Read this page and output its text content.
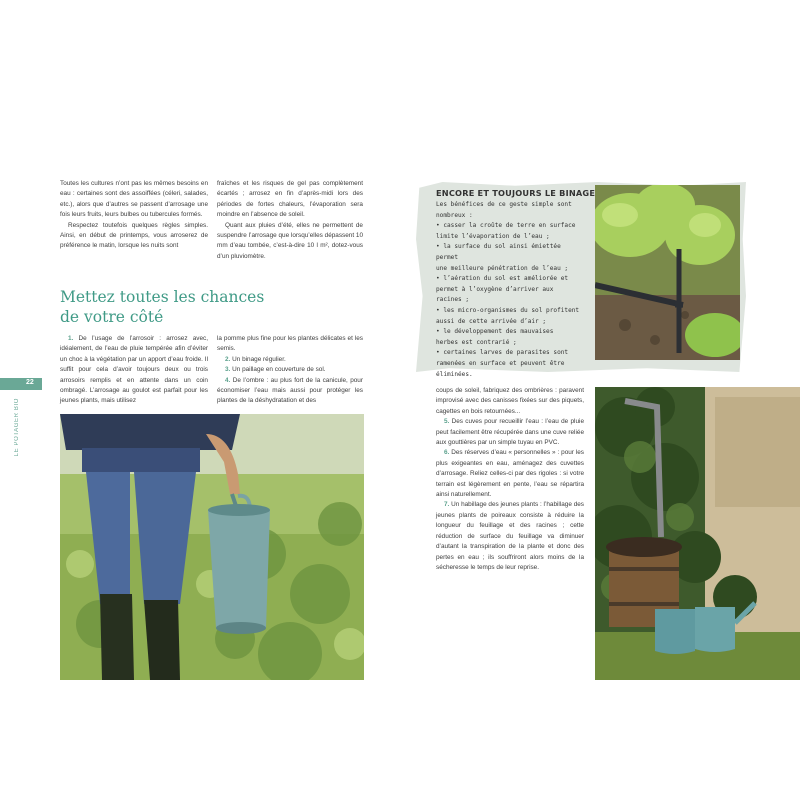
Toutes les cultures n’ont pas les mêmes besoins en eau : certaines sont des assoiffées (céleri, salades, etc.), alors que d’autres se passent d’arrosage une fois leurs fruits, leurs bulbes ou tubercules formés.

Respectez toutefois quelques règles simples. Ainsi, en début de printemps, vous arroserez de préférence le matin, lorsque les nuits sont

fraîches et les risques de gel pas complètement écartés ; arrosez en fin d’après-midi lors des périodes de fortes chaleurs, l’évaporation sera moindre en l’absence de soleil.

Quant aux pluies d’été, elles ne permettent de suspendre l’arrosage que lorsqu’elles dépassent 10 mm d’eau tombée, c’est-à-dire 10 l m², dotez-vous d’un pluviomètre.

Mettez toutes les chances
de votre côté
22
LE POTAGER BIO

1. De l’usage de l’arrosoir : arrosez avec, idéalement, de l’eau de pluie tempérée afin d’éviter un choc à la végétation par un apport d’eau froide. Il suffit pour cela d’avoir toujours deux ou trois arrosoirs remplis et en attente dans un coin ombragé. L’arrosage au goulot est parfait pour les jeunes plants, mais utilisez

la pomme plus fine pour les plantes délicates et les semis.

2. Un binage régulier.

3. Un paillage en couverture de sol.

4. De l’ombre : au plus fort de la canicule, pour économiser l’eau mais aussi pour protéger les plantes de la déshydratation et des

ENCORE ET TOUJOURS LE BINAGE
Les bénéfices de ce geste simple sont
nombreux :
• casser la croûte de terre en surface
limite l’évaporation de l’eau ;
• la surface du sol ainsi émiettée permet
une meilleure pénétration de l’eau ;
• l’aération du sol est améliorée et
permet à l’oxygène d’arriver aux
racines ;
• les micro-organismes du sol profitent
aussi de cette arrivée d’air ;
• le développement des mauvaises
herbes est contrarié ;
• certaines larves de parasites sont
ramenées en surface et peuvent être
éliminées.

coups de soleil, fabriquez des ombrières : paravent improvisé avec des canisses fixées sur des piquets, cagettes en bois retournées...

5. Des cuves pour recueillir l’eau : l’eau de pluie peut facilement être récupérée dans une cuve reliée aux gouttières par un simple tuyau en PVC.

6. Des réserves d’eau « personnelles » : pour les plus exigeantes en eau, aménagez des cuvettes d’arrosage. Reliez celles-ci par des rigoles : si votre terrain est légèrement en pente, l’eau se répartira ainsi naturellement.

7. Un habillage des jeunes plants : l’habillage des jeunes plants de poireaux consiste à réduire la longueur du feuillage et des racines ; cette réduction de surface du feuillage va diminuer d’autant la transpiration de la plante et donc des pertes en eau ; ils souffriront alors moins de la sécheresse le temps de leur reprise.
